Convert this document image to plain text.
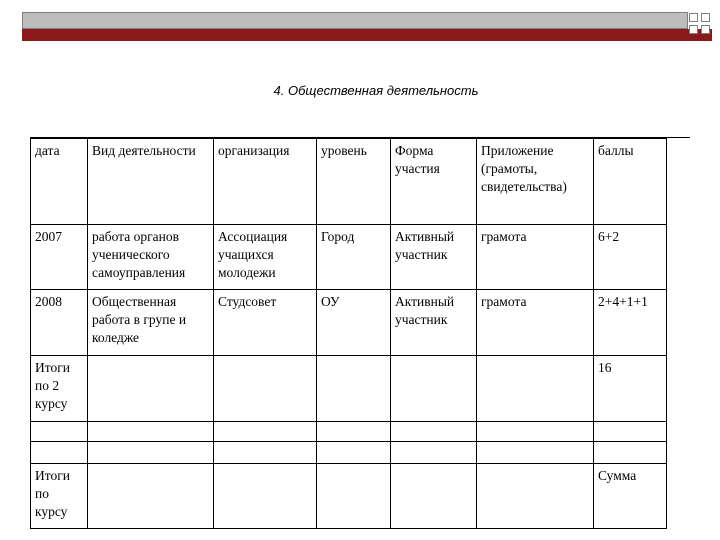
4. Общественная деятельность
дата	Вид деятельности	организация	уровень	Форма участия	Приложение (грамоты, свидетельства)	баллы
2007	работа органов ученического самоуправления	Ассоциация учащихся молодежи	Город	Активный участник	грамота	6+2
2008	Общественная работа в групе и коледже	Студсовет	ОУ	Активный участник	грамота	2+4+1+1
Итоги по 2 курсу						16

Итоги по курсу						Сумма
